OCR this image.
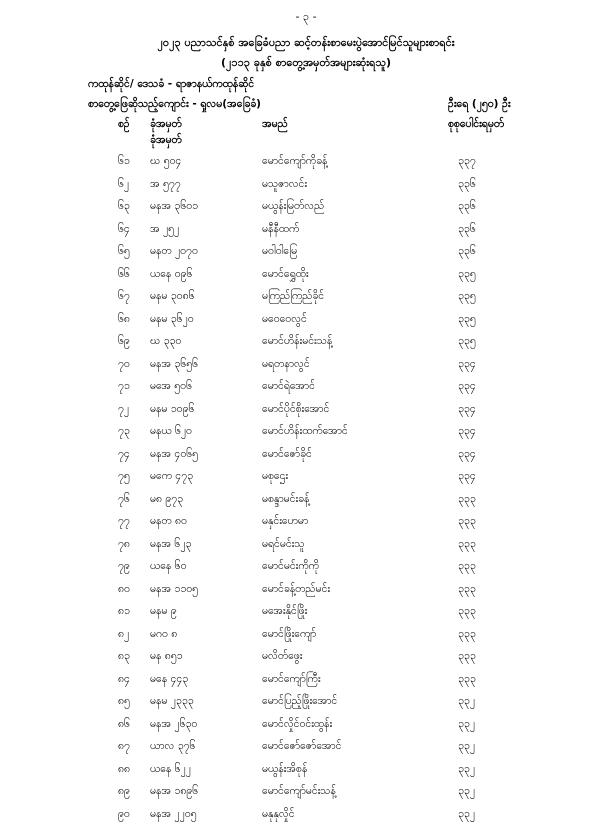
- ၃ -
၂၀၂၃ ပညာသင်နှစ် အခြေခံပညာ ဆင့်တန်းစာမေးပွဲအောင်မြင်သူများစာရင်း
(၂၁၁၃ ခုနှစ် စာတွေ့အမှတ်အများဆုံးရသူ)
ကထုန်ဆိုင်/ ဒေသခံ - ရာဇာနယ်ကထုန်ဆိုင်
စာတွေ့ဖြေဆိုသည့်ကျောင်း - ရှုလမ(အခြေခံ)	ဦးရေ (၂၅၀) ဦး
စဉ် ခုံအမှတ်
ခုံအမှတ်
အမည်	စုစုပေါင်းရမှတ်
၆၁ ဃ ၅၀၄	မောင်ကျော်ကိုခန့်	၃၃၇
၆၂ အ ၅၇၇	မသူဇာလင်း	၃၃၆
၆၃ မနအ ၃၆၀၁	မယွန်းမြတ်လည်	၃၃၆
၆၄ အ ၂၅၂	မနီနီထက်	၃၃၆
၆၅ မနတ ၂၀၇၀	မဝါဝါမြေ	၃၃၆
၆၆ ယနေ ၀၉၆	မောင်ရွှေထိုး	၃၃၅
၆၇ မနမ ၃၀၈၆	မကြည်ကြည်ခိုင်	၃၃၅
၆၈ မနမ ၃၆၂၀	မဝေဝေလွင်	၃၃၅
၆၉ ဃ ၃၃၀	မောင်ဟိန်းမင်းသန့်	၃၃၅
၇၀ မနအ ၃၆၅၆	မရတနာလွင်	၃၃၄
၇၁ မအေ ၅၀၆	မောင်ရဲအောင်	၃၃၄
၇၂ မနမ ၁၀၉၆	မောင်ပိုင်စိုးအောင်	၃၃၄
၇၃ မနယ ၆၂၀	မောင်ဟိန်းထက်အောင်	၃၃၄
၇၄ မနအ ၄၀၆၅	မောင်ဇော်ခိုင်	၃၃၄
၇၅ မကေ ၄၇၃	မစုဌေး	၃၃၄
၇၆ မ၈ ၉၇၃	မစန္ဒာမင်းခန့်	၃၃၃
၇၇ မနတ ၈၀	မနှင်းဟေမာ	၃၃၃
၇၈ မနအ ၆၂၃	မရင်မင်းသူ	၃၃၃
၇၉ ယနေ ၆၀	မောင်မင်းကိုကို	၃၃၃
၈၀ မနအ ၁၁၀၅	မောင်ခန့်တည်မင်း	၃၃၃
၈၁ မနမ ၉	မအေးနိုင်ဖြိုး	၃၃၃
၈၂ မဂဝ ၈	မောင်ဖြိုးကျော်	၃၃၃
၈၃ မန ၈၅၁	မလိတ်ဖွေး	၃၃၃
၈၄ မနေ ၄၄၃	မောင်ကျော်ကြီး	၃၃၃
၈၅ မနမ ၂၃၃၃	မောင်ပြည့်ဖြိုးအောင်	၃၃၂
၈၆ မနအ ၂၆၃၀	မောင်လှိုင်ဝင်းထွန်း	၃၃၂
၈၇ ယာလ ၃၇၆	မောင်ဇော်ဇော်အောင်	၃၃၂
၈၈ ယနေ ၆၂၂	မယွန်းအိစုန်	၃၃၂
၈၉ မနအ ၁၈၉၆	မောင်ကျော်မင်းသန့်	၃၃၂
၉၀ မနအ ၂၂၀၅	မနုနုလှိုင်	၃၃၂
